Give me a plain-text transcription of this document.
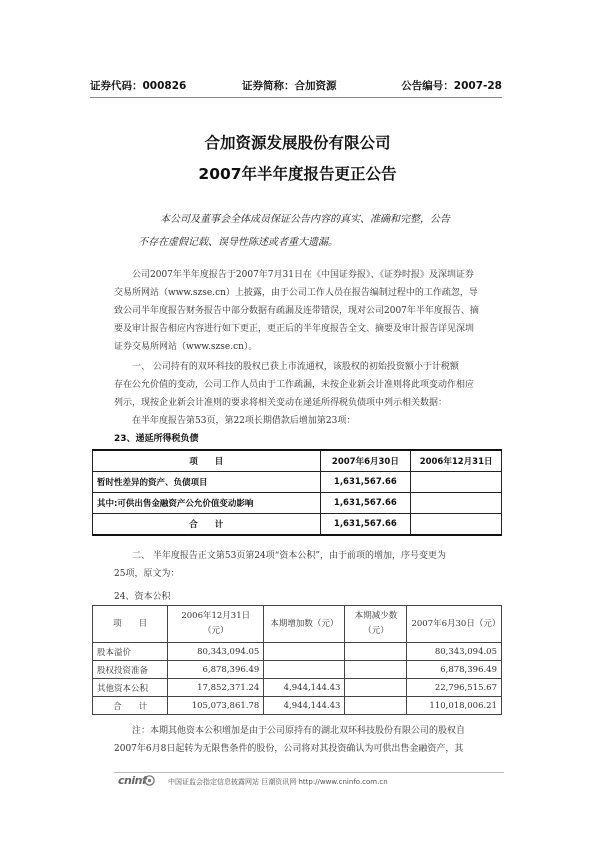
证券代码：000826	证券简称：合加资源	公告编号：2007-28
合加资源发展股份有限公司
2007年半年度报告更正公告
本公司及董事会全体成员保证公告内容的真实、准确和完整，公告
不存在虚假记载、误导性陈述或者重大遗漏。
公司2007年半年度报告于2007年7月31日在《中国证券报》、《证券时报》及深圳证券
交易所网站（www.szse.cn）上披露，由于公司工作人员在报告编制过程中的工作疏忽，导
致公司半年度报告财务报告中部分数据有疏漏及连带错误，现对公司2007年半年度报告、摘
要及审计报告相应内容进行如下更正，更正后的半年度报告全文、摘要及审计报告详见深圳
证券交易所网站（www.szse.cn）。
一、 公司持有的双环科技的股权已获上市流通权，该股权的初始投资额小于计税额
存在公允价值的变动，公司工作人员由于工作疏漏，未按企业新会计准则将此项变动作相应
列示，现按企业新会计准则的要求将相关变动在递延所得税负债项中列示相关数据：
在半年度报告第53页，第22项长期借款后增加第23项：
23、递延所得税负债
项　　目	2007年6月30日	2006年12月31日
暂时性差异的资产、负债项目	1,631,567.66	
其中:可供出售金融资产公允价值变动影响	1,631,567.66	
合　　计	1,631,567.66	
二、 半年度报告正文第53页第24项“资本公积”，由于前项的增加，序号变更为
25项，原文为：
24、资本公积
项　　目	2006年12月31日（元）	本期增加数（元）	本期减少数（元）	2007年6月30日（元）
股本溢价	80,343,094.05			80,343,094.05
股权投资准备	6,878,396.49			6,878,396.49
其他资本公积	17,852,371.24	4,944,144.43		22,796,515.67
合　　计	105,073,861.78	4,944,144.43		110,018,006.21
注：本期其他资本公积增加是由于公司原持有的湖北双环科技股份有限公司的股权自
2007年6月8日起转为无限售条件的股份，公司将对其投资确认为可供出售金融资产，其
cninf	中国证监会指定信息披露网站 巨潮资讯网 http://www.cninfo.com.cn
